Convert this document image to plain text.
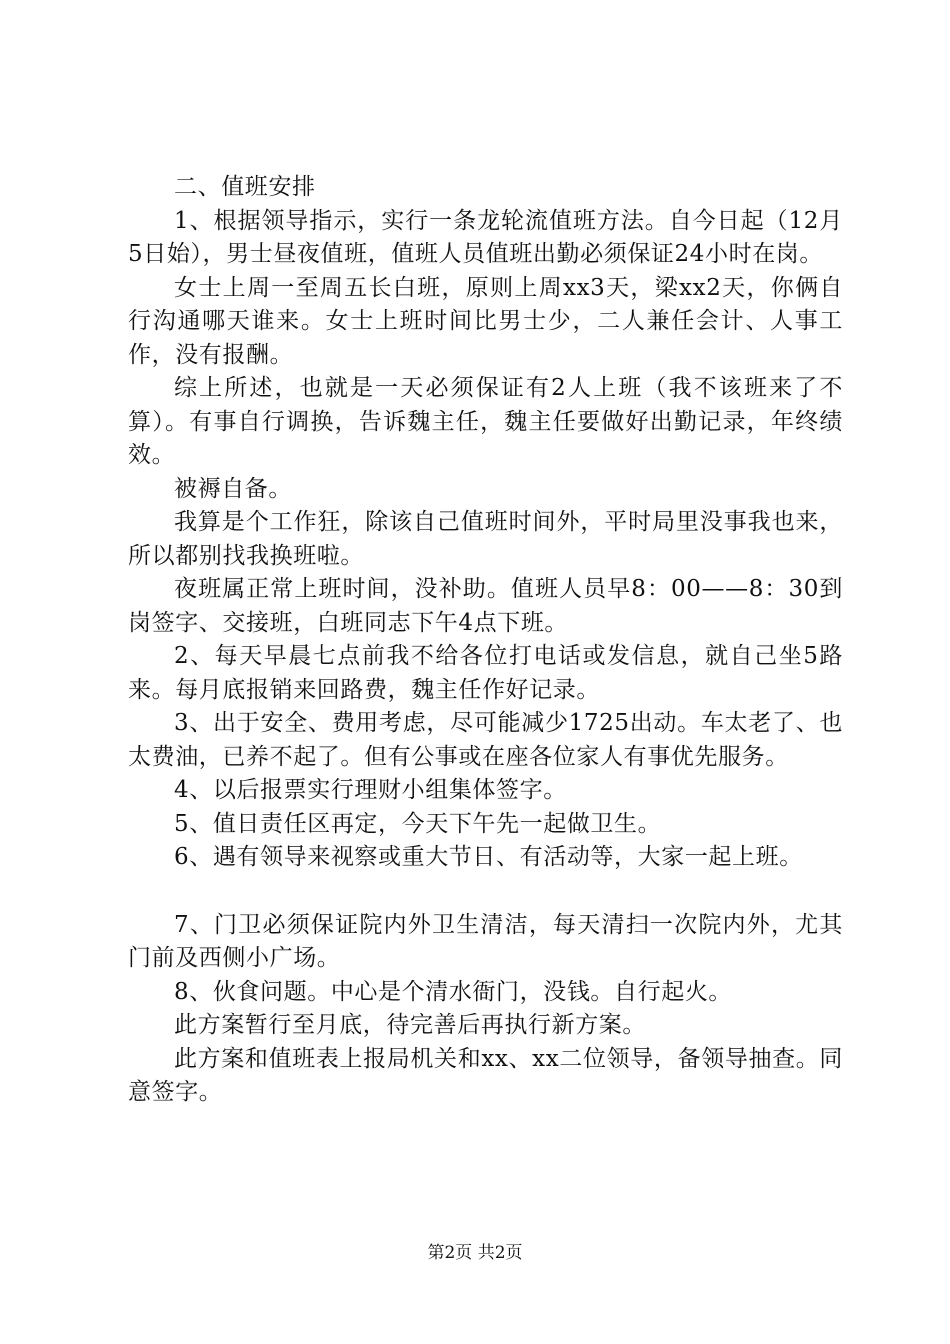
二、值班安排

1、根据领导指示，实行一条龙轮流值班方法。自今日起（12月5日始），男士昼夜值班，值班人员值班出勤必须保证24小时在岗。

女士上周一至周五长白班，原则上周xx3天，梁xx2天，你俩自行沟通哪天谁来。女士上班时间比男士少，二人兼任会计、人事工作，没有报酬。

综上所述，也就是一天必须保证有2人上班（我不该班来了不算）。有事自行调换，告诉魏主任，魏主任要做好出勤记录，年终绩效。

被褥自备。

我算是个工作狂，除该自己值班时间外，平时局里没事我也来，所以都别找我换班啦。

夜班属正常上班时间，没补助。值班人员早8：00——8：30到岗签字、交接班，白班同志下午4点下班。

2、每天早晨七点前我不给各位打电话或发信息，就自己坐5路来。每月底报销来回路费，魏主任作好记录。

3、出于安全、费用考虑，尽可能减少1725出动。车太老了、也太费油，已养不起了。但有公事或在座各位家人有事优先服务。

4、以后报票实行理财小组集体签字。

5、值日责任区再定，今天下午先一起做卫生。

6、遇有领导来视察或重大节日、有活动等，大家一起上班。

7、门卫必须保证院内外卫生清洁，每天清扫一次院内外，尤其门前及西侧小广场。

8、伙食问题。中心是个清水衙门，没钱。自行起火。

此方案暂行至月底，待完善后再执行新方案。

此方案和值班表上报局机关和xx、xx二位领导，备领导抽查。同意签字。

第2页 共2页
